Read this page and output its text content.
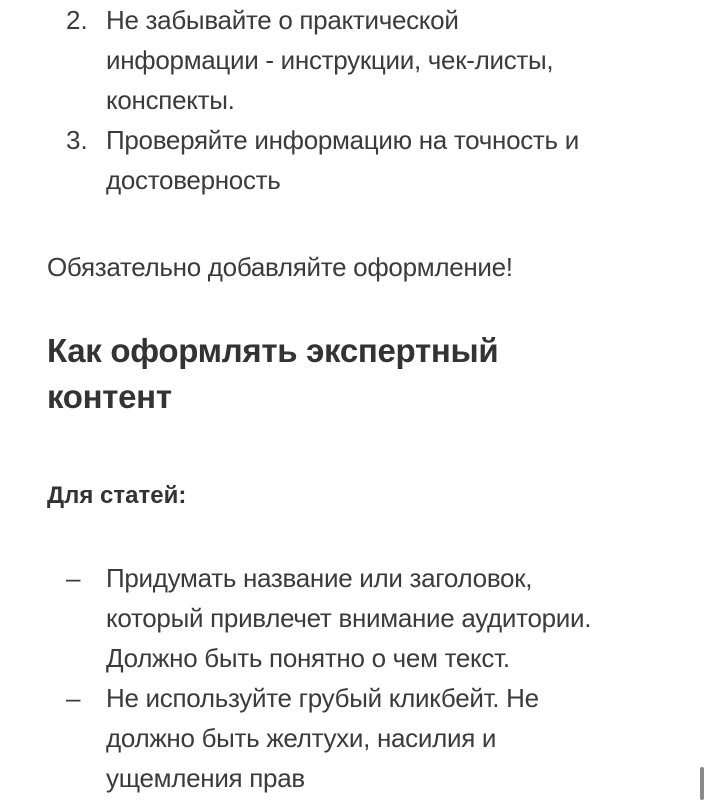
2. Не забывайте о практической
информации - инструкции, чек-листы,
конспекты.
3. Проверяйте информацию на точность и
достоверность
Обязательно добавляйте оформление!
Как оформлять экспертный
контент
Для статей:
– Придумать название или заголовок,
который привлечет внимание аудитории.
Должно быть понятно о чем текст.
– Не используйте грубый кликбейт. Не
должно быть желтухи, насилия и
ущемления прав
